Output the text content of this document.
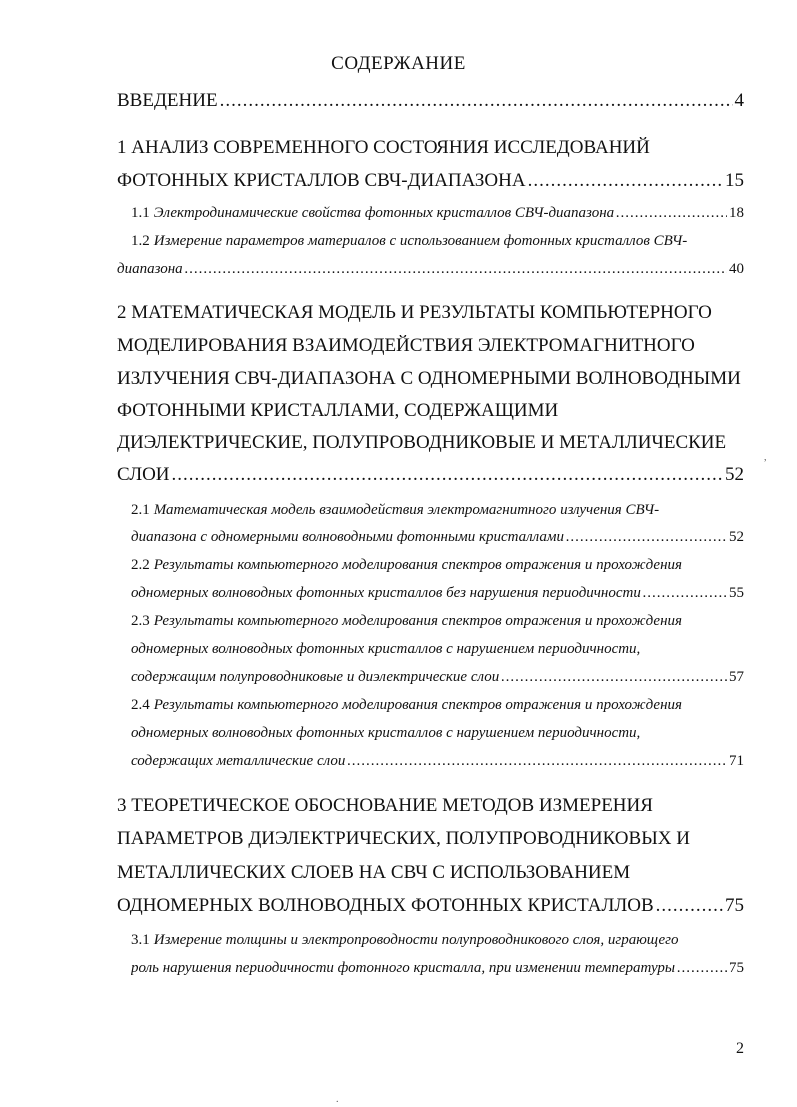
СОДЕРЖАНИЕ
ВВЕДЕНИЕ .....	4
1 АНАЛИЗ СОВРЕМЕННОГО СОСТОЯНИЯ ИССЛЕДОВАНИЙ
ФОТОННЫХ КРИСТАЛЛОВ СВЧ-ДИАПАЗОНА .....	15
1.1 Электродинамические свойства фотонных кристаллов СВЧ-диапазона .....	18
1.2 Измерение параметров материалов с использованием фотонных кристаллов СВЧ-
диапазона .....	40
2 МАТЕМАТИЧЕСКАЯ МОДЕЛЬ И РЕЗУЛЬТАТЫ КОМПЬЮТЕРНОГО
МОДЕЛИРОВАНИЯ ВЗАИМОДЕЙСТВИЯ ЭЛЕКТРОМАГНИТНОГО
ИЗЛУЧЕНИЯ СВЧ-ДИАПАЗОНА С ОДНОМЕРНЫМИ ВОЛНОВОДНЫМИ
ФОТОННЫМИ КРИСТАЛЛАМИ, СОДЕРЖАЩИМИ
ДИЭЛЕКТРИЧЕСКИЕ, ПОЛУПРОВОДНИКОВЫЕ И МЕТАЛЛИЧЕСКИЕ
СЛОИ .....	52
2.1 Математическая модель взаимодействия электромагнитного излучения СВЧ-
диапазона с одномерными волноводными фотонными кристаллами .....	52
2.2 Результаты компьютерного моделирования спектров отражения и прохождения
одномерных волноводных фотонных кристаллов без нарушения периодичности .....	55
2.3 Результаты компьютерного моделирования спектров отражения и прохождения
одномерных волноводных фотонных кристаллов с нарушением периодичности,
содержащим полупроводниковые и диэлектрические слои .....	57
2.4 Результаты компьютерного моделирования спектров отражения и прохождения
одномерных волноводных фотонных кристаллов с нарушением периодичности,
содержащих металлические слои .....	71
3 ТЕОРЕТИЧЕСКОЕ ОБОСНОВАНИЕ МЕТОДОВ ИЗМЕРЕНИЯ
ПАРАМЕТРОВ ДИЭЛЕКТРИЧЕСКИХ, ПОЛУПРОВОДНИКОВЫХ И
МЕТАЛЛИЧЕСКИХ СЛОЕВ НА СВЧ С ИСПОЛЬЗОВАНИЕМ
ОДНОМЕРНЫХ ВОЛНОВОДНЫХ ФОТОННЫХ КРИСТАЛЛОВ .....	75
3.1 Измерение толщины и электропроводности полупроводникового слоя, играющего
роль нарушения периодичности фотонного кристалла, при изменении температуры .....	75
2
,
.
